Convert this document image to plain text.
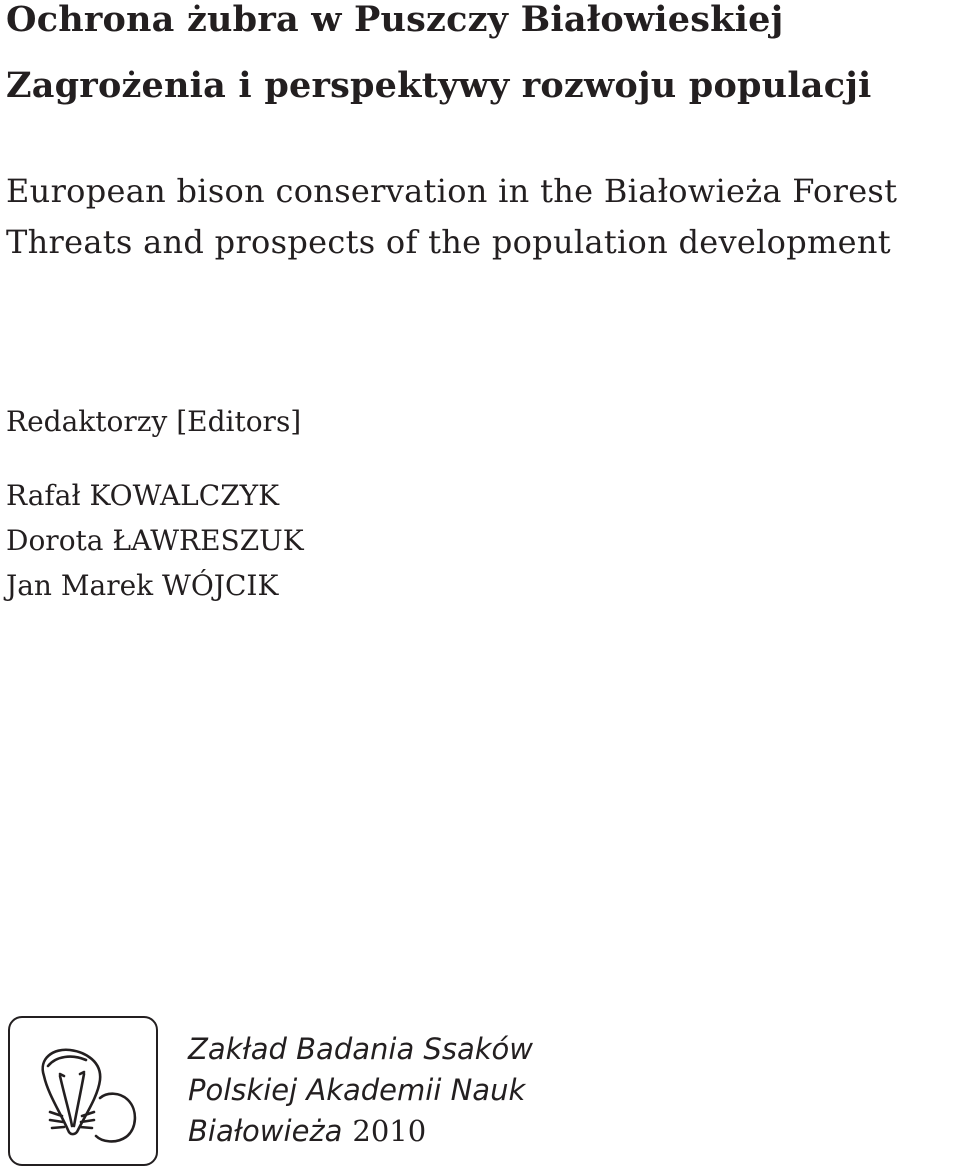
Ochrona żubra w Puszczy Białowieskiej
Zagrożenia i perspektywy rozwoju populacji
European bison conservation in the Białowieża Forest
Threats and prospects of the population development
Redaktorzy [Editors]
Rafał KOWALCZYK
Dorota ŁAWRESZUK
Jan Marek WÓJCIK
Zakład Badania Ssaków
Polskiej Akademii Nauk
Białowieża 2010
